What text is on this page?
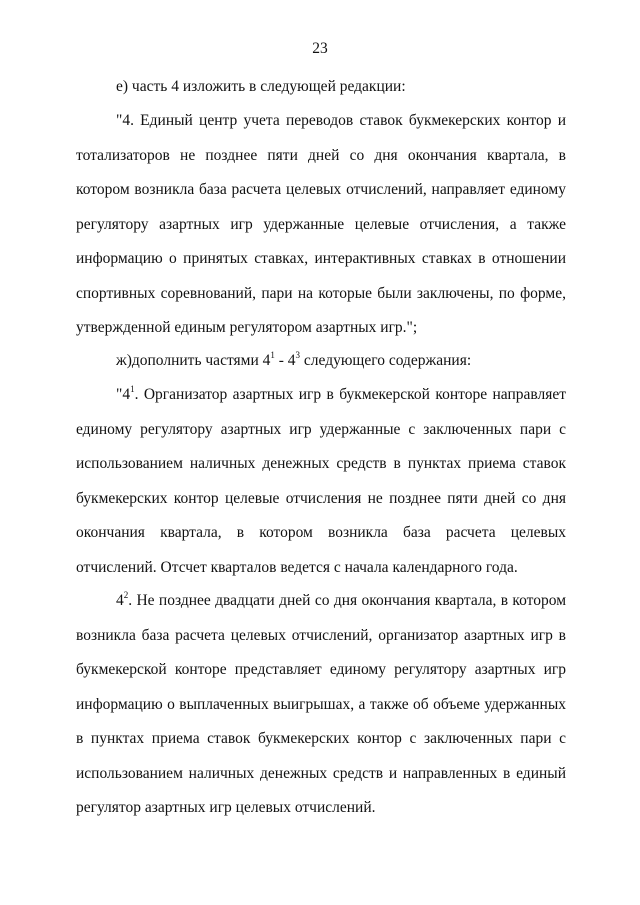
23

е) часть 4 изложить в следующей редакции:

"4. Единый центр учета переводов ставок букмекерских контор и тотализаторов не позднее пяти дней со дня окончания квартала, в котором возникла база расчета целевых отчислений, направляет единому регулятору азартных игр удержанные целевые отчисления, а также информацию о принятых ставках, интерактивных ставках в отношении спортивных соревнований, пари на которые были заключены, по форме, утвержденной единым регулятором азартных игр.";

ж)дополнить частями $4^1 - 4^3$ следующего содержания:

"$4^1$. Организатор азартных игр в букмекерской конторе направляет единому регулятору азартных игр удержанные с заключенных пари с использованием наличных денежных средств в пунктах приема ставок букмекерских контор целевые отчисления не позднее пяти дней со дня окончания квартала, в котором возникла база расчета целевых отчислений. Отсчет кварталов ведется с начала календарного года.

$4^2$. Не позднее двадцати дней со дня окончания квартала, в котором возникла база расчета целевых отчислений, организатор азартных игр в букмекерской конторе представляет единому регулятору азартных игр информацию о выплаченных выигрышах, а также об объеме удержанных в пунктах приема ставок букмекерских контор с заключенных пари с использованием наличных денежных средств и направленных в единый регулятор азартных игр целевых отчислений.
